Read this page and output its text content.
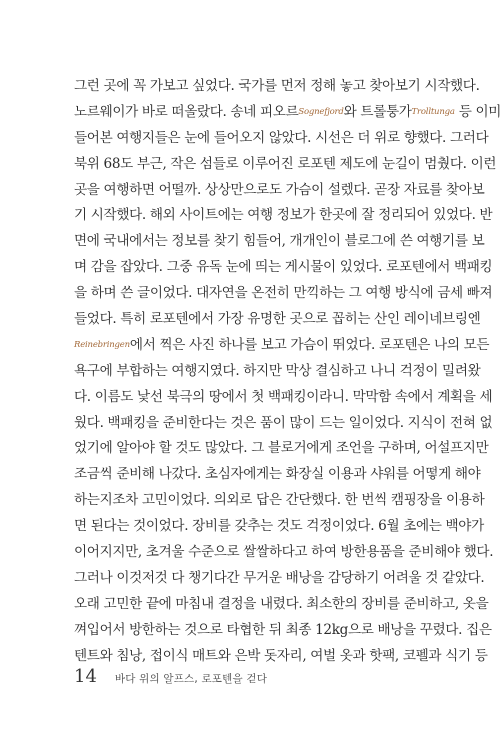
그런 곳에 꼭 가보고 싶었다. 국가를 먼저 정해 놓고 찾아보기 시작했다.
노르웨이가 바로 떠올랐다. 송네 피오르Sognefjord와 트롤퉁가Trolltunga 등 이미
들어본 여행지들은 눈에 들어오지 않았다. 시선은 더 위로 향했다. 그러다
북위 68도 부근, 작은 섬들로 이루어진 로포텐 제도에 눈길이 멈췄다. 이런
곳을 여행하면 어떨까. 상상만으로도 가슴이 설렜다. 곧장 자료를 찾아보
기 시작했다. 해외 사이트에는 여행 정보가 한곳에 잘 정리되어 있었다. 반
면에 국내에서는 정보를 찾기 힘들어, 개개인이 블로그에 쓴 여행기를 보
며 감을 잡았다. 그중 유독 눈에 띄는 게시물이 있었다. 로포텐에서 백패킹
을 하며 쓴 글이었다. 대자연을 온전히 만끽하는 그 여행 방식에 금세 빠져
들었다. 특히 로포텐에서 가장 유명한 곳으로 꼽히는 산인 레이네브링엔
Reinebringen에서 찍은 사진 하나를 보고 가슴이 뛰었다. 로포텐은 나의 모든
욕구에 부합하는 여행지였다. 하지만 막상 결심하고 나니 걱정이 밀려왔
다. 이름도 낯선 북극의 땅에서 첫 백패킹이라니. 막막함 속에서 계획을 세
웠다. 백패킹을 준비한다는 것은 품이 많이 드는 일이었다. 지식이 전혀 없
었기에 알아야 할 것도 많았다. 그 블로거에게 조언을 구하며, 어설프지만
조금씩 준비해 나갔다. 초심자에게는 화장실 이용과 샤워를 어떻게 해야
하는지조차 고민이었다. 의외로 답은 간단했다. 한 번씩 캠핑장을 이용하
면 된다는 것이었다. 장비를 갖추는 것도 걱정이었다. 6월 초에는 백야가
이어지지만, 초겨울 수준으로 쌀쌀하다고 하여 방한용품을 준비해야 했다.
그러나 이것저것 다 챙기다간 무거운 배낭을 감당하기 어려울 것 같았다.
오래 고민한 끝에 마침내 결정을 내렸다. 최소한의 장비를 준비하고, 옷을
껴입어서 방한하는 것으로 타협한 뒤 최종 12kg으로 배낭을 꾸렸다. 집은
텐트와 침낭, 접이식 매트와 은박 돗자리, 여벌 옷과 핫팩, 코펠과 식기 등
14 바다 위의 알프스, 로포텐을 걷다
